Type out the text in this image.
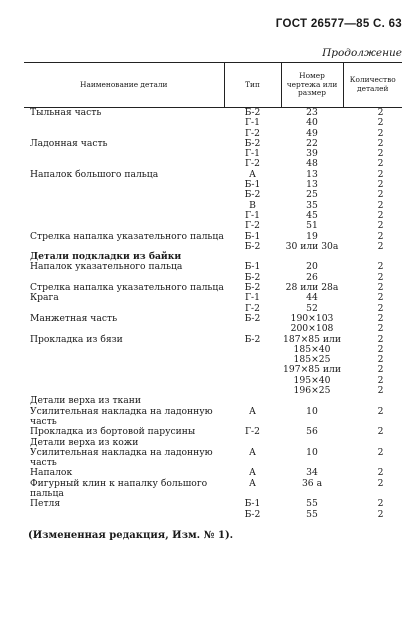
ГОСТ 26577—85 С. 63
Продолжение
Наименование детали	Тип	Номер чертежа или размер	Количество деталей

Тыльная часть	Б-2	23	2
	Г-1	40	2
	Г-2	49	2
Ладонная часть	Б-2	22	2
	Г-1	39	2
	Г-2	48	2
Напалок большого пальца	А	13	2
	Б-1	13	2
	Б-2	25	2
	В	35	2
	Г-1	45	2
	Г-2	51	2
Стрелка напалка указательного пальца	Б-1	19	2
	Б-2	30 или 30а	2
Детали подкладки из байки			
Напалок указательного пальца	Б-1	20	2
	Б-2	26	2
Стрелка напалка указательного пальца	Б-2	28 или 28а	2
Крага	Г-1	44	2
	Г-2	52	2
Манжетная часть	Б-2	190×103	2
		200×108	2
Прокладка из бязи	Б-2	187×85 или	2
		185×40	2
		185×25	2
		197×85 или	2
		195×40	2
		196×25	2
Детали верха из ткани			
Усилительная накладка на ладонную часть	А	10	2
Прокладка из бортовой парусины	Г-2	56	2
Детали верха из кожи			
Усилительная накладка на ладонную часть	А	10	2
Напалок	А	34	2
Фигурный клин к напалку большого пальца	А	36 а	2
Петля	Б-1	55	2
	Б-2	55	2
(Измененная редакция, Изм. № 1).
